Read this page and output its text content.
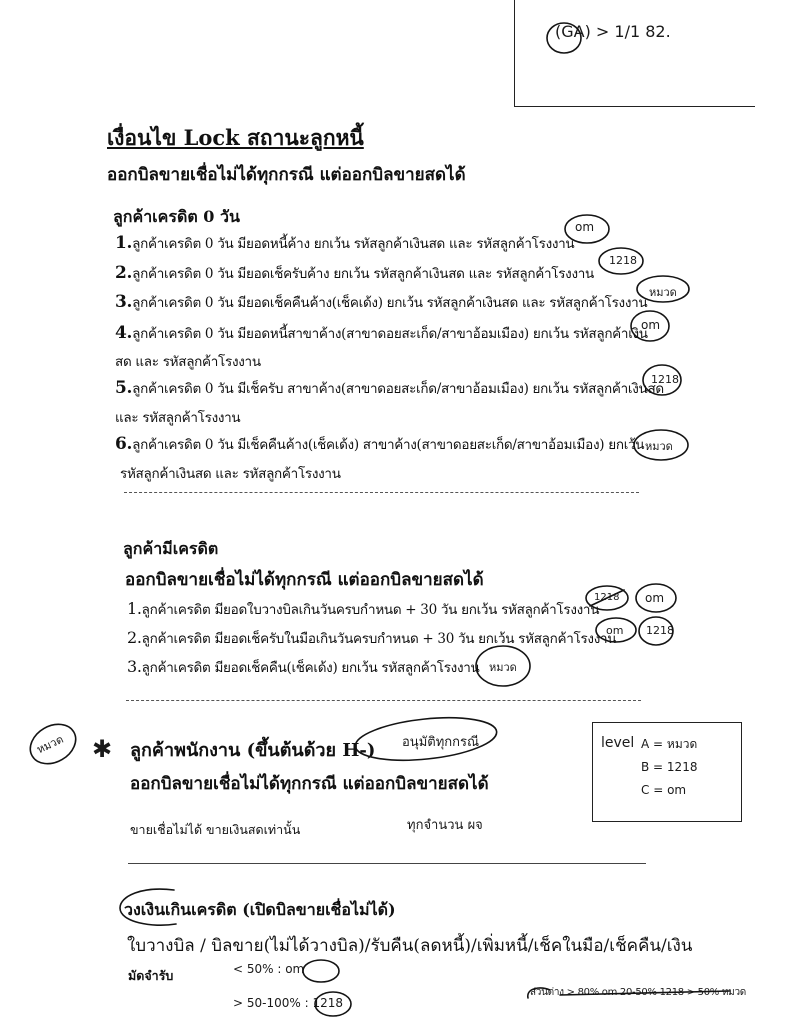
(GA) > 1/1 82.
เงื่อนไข Lock สถานะลูกหนี้
ออกบิลขายเชื่อไม่ได้ทุกกรณี แต่ออกบิลขายสดได้
ลูกค้าเครดิต 0 วัน
1.ลูกค้าเครดิต 0 วัน มียอดหนี้ค้าง ยกเว้น รหัสลูกค้าเงินสด และ รหัสลูกค้าโรงงาน
om
2.ลูกค้าเครดิต 0 วัน มียอดเช็ครับค้าง ยกเว้น รหัสลูกค้าเงินสด และ รหัสลูกค้าโรงงาน
1218
3.ลูกค้าเครดิต 0 วัน มียอดเช็คคืนค้าง(เช็คเด้ง) ยกเว้น รหัสลูกค้าเงินสด และ รหัสลูกค้าโรงงาน
หมวด
4.ลูกค้าเครดิต 0 วัน มียอดหนี้สาขาค้าง(สาขาดอยสะเก็ด/สาขาอ้อมเมือง) ยกเว้น รหัสลูกค้าเงิน
สด และ รหัสลูกค้าโรงงาน
om
5.ลูกค้าเครดิต 0 วัน มีเช็ครับ สาขาค้าง(สาขาดอยสะเก็ด/สาขาอ้อมเมือง) ยกเว้น รหัสลูกค้าเงินสด
และ รหัสลูกค้าโรงงาน
1218
6.ลูกค้าเครดิต 0 วัน มีเช็คคืนค้าง(เช็คเด้ง) สาขาค้าง(สาขาดอยสะเก็ด/สาขาอ้อมเมือง) ยกเว้น
รหัสลูกค้าเงินสด และ รหัสลูกค้าโรงงาน
หมวด
ลูกค้ามีเครดิต
ออกบิลขายเชื่อไม่ได้ทุกกรณี แต่ออกบิลขายสดได้
1.ลูกค้าเครดิต มียอดใบวางบิลเกินวันครบกำหนด + 30 วัน ยกเว้น รหัสลูกค้าโรงงาน
1218 om
2.ลูกค้าเครดิต มียอดเช็ครับในมือเกินวันครบกำหนด + 30 วัน ยกเว้น รหัสลูกค้าโรงงาน
om 1218
3.ลูกค้าเครดิต มียอดเช็คคืน(เช็คเด้ง) ยกเว้น รหัสลูกค้าโรงงาน หมวด
หมวด ✱ ลูกค้าพนักงาน (ขึ้นต้นด้วย H-) อนุมัติทุกกรณี
ออกบิลขายเชื่อไม่ได้ทุกกรณี แต่ออกบิลขายสดได้
ขายเชื่อไม่ได้ ขายเงินสดเท่านั้น	ทุกจำนวน ผจ
level A = หมวด
B = 1218
C = om
วงเงินเกินเครดิต (เปิดบิลขายเชื่อไม่ได้)
ใบวางบิล / บิลขาย(ไม่ได้วางบิล)/รับคืน(ลดหนี้)/เพิ่มหนี้/เช็คในมือ/เช็คคืน/เงิน
มัดจำรับ	< 50% : om
> 50-100% : 1218
ส่วนต่าง > 80% om 20-50% 1218 > 50% หมวด
